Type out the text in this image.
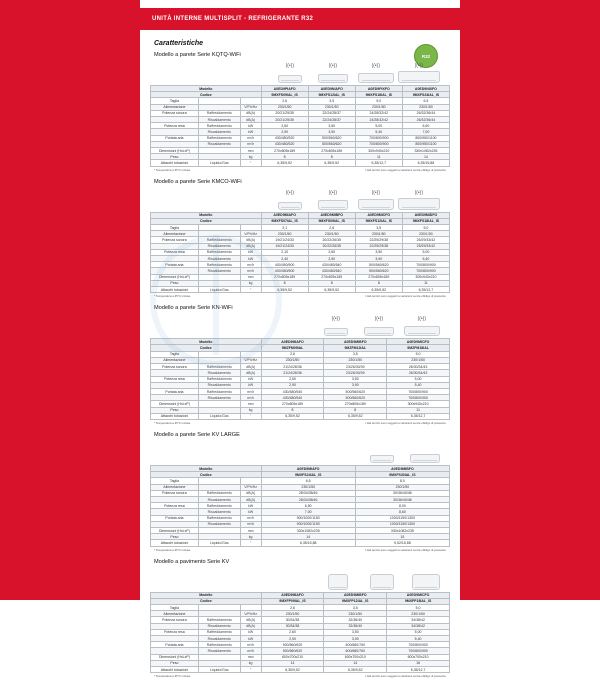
UNITÀ INTERNE MULTISPLIT - REFRIGERANTE R32
Caratteristiche
R32
Modello a parete Serie KQTQ-WiFi
((•))	((•))	((•))	((•))
Modello			A0ED9PIAFO	A0ED9NIAFO	A0ED9PIXFO	A0ED9NIXFO
Codice			9MXFS09IAL_IS	9MXFS12IAL_IS	9MXFS18IAL_IS	9MXFS24IAL_IS
Taglia			2,6	3,5	5,0	6,5
Alimentazione		V/Ph/Hz	230/1/50	230/1/50	230/1/50	230/1/50
Potenza sonora	Raffreddamento	dB(A)	20/21/25/35	22/24/28/37	24/28/32/42	26/32/36/44
	Riscaldamento	dB(A)	20/21/25/35	22/24/28/37	24/28/32/42	26/32/36/44
Potenza resa	Raffreddamento	kW	2,60	3,50	5,00	6,50
	Riscaldamento	kW	2,90	3,90	5,40	7,00
Portata aria	Raffreddamento	m³/h	430/480/520	500/560/620	700/800/900	800/950/1100
	Riscaldamento	m³/h	430/480/520	500/560/620	700/800/900	800/950/1100
Dimensioni (HxLxP)		mm	270x805x189	270x805x189	300x940x210	330x1082x235
Peso		kg	8	8	11	14
Attacchi tubazioni	Liquido/Gas	"	6,35/9,52	6,35/9,52	6,35/12,7	6,35/15,88
* Temperatura a 35°C incluse	I dati tecnici sono soggetti a variazioni senza obbligo di preavviso
Modello a parete Serie KMCO-WiFi
((•))	((•))	((•))	((•))
Modello			A0ED9MIAFO	A0ED9MIBFO	A0ED9MICFO	A0ED9MIDFO
Codice			9MXFS07IAL_IS	9MXFS09IAL_IS	9MXFS12IAL_IS	9MXFS18IAL_IS
Taglia			2,1	2,6	3,5	5,0
Alimentazione		V/Ph/Hz	230/1/50	230/1/50	230/1/50	230/1/50
Potenza sonora	Raffreddamento	dB(A)	19/21/24/33	20/22/26/35	22/25/29/38	25/29/33/42
	Riscaldamento	dB(A)	19/21/24/33	20/22/26/35	22/25/29/38	25/29/33/42
Potenza resa	Raffreddamento	kW	2,10	2,60	3,50	5,00
	Riscaldamento	kW	2,40	2,90	3,90	5,40
Portata aria	Raffreddamento	m³/h	400/450/500	430/480/540	500/560/620	700/800/900
	Riscaldamento	m³/h	400/450/500	430/480/540	500/560/620	700/800/900
Dimensioni (HxLxP)		mm	270x805x189	270x805x189	270x805x189	300x940x210
Peso		kg	8	8	8	11
Attacchi tubazioni	Liquido/Gas	"	6,35/9,52	6,35/9,52	6,35/9,52	6,35/12,7
* Temperatura a 35°C incluse	I dati tecnici sono soggetti a variazioni senza obbligo di preavviso
Modello a parete Serie KN-WiFi
((•))	((•))	((•))
Modello			A0ED9MIAFO	A0ED9MIBFO	A0ED9MICFO
Codice			9MZFM09IAL	9MZFM12IAL	9MZFM18IAL
Taglia			2,6	3,5	5,0
Alimentazione		V/Ph/Hz	230/1/50	230/1/50	230/1/50
Potenza sonora	Raffreddamento	dB(A)	21/24/28/36	23/26/30/39	26/30/34/43
	Riscaldamento	dB(A)	21/24/28/36	23/26/30/39	26/30/34/43
Potenza resa	Raffreddamento	kW	2,60	3,50	5,00
	Riscaldamento	kW	2,90	3,90	5,40
Portata aria	Raffreddamento	m³/h	430/480/540	500/560/620	700/800/900
	Riscaldamento	m³/h	430/480/540	500/560/620	700/800/900
Dimensioni (HxLxP)		mm	270x805x189	270x805x189	300x940x210
Peso		kg	8	8	11
Attacchi tubazioni	Liquido/Gas	"	6,35/9,52	6,35/9,52	6,35/12,7
* Temperatura a 35°C incluse	I dati tecnici sono soggetti a variazioni senza obbligo di preavviso
Modello a parete Serie KV LARGE
Modello			A0ED9MIAFO	A0ED9MIBFO
Codice			9MXFS24IAL_IS	9MXFS30IAL_IS
Taglia			6,5	8,0
Alimentazione		V/Ph/Hz	230/1/50	230/1/50
Potenza sonora	Raffreddamento	dB(A)	28/34/38/46	30/36/40/48
	Riscaldamento	dB(A)	28/34/38/46	30/36/40/48
Potenza resa	Raffreddamento	kW	6,50	8,00
	Riscaldamento	kW	7,00	8,60
Portata aria	Raffreddamento	m³/h	900/1000/1150	1000/1150/1300
	Riscaldamento	m³/h	900/1000/1150	1000/1150/1300
Dimensioni (HxLxP)		mm	330x1082x235	330x1082x235
Peso		kg	14	15
Attacchi tubazioni	Liquido/Gas	"	6,35/15,88	9,52/15,88
* Temperatura a 35°C incluse	I dati tecnici sono soggetti a variazioni senza obbligo di preavviso
Modello a pavimento Serie KV
Modello			A0ED9MIAFO	A0ED9MIBFO	A0ED9MICFO
Codice			9MXFP09IAL_IS	9MXFP12IAL_IS	9MXFP18IAL_IS
Taglia			2,6	3,5	5,0
Alimentazione		V/Ph/Hz	230/1/50	230/1/50	230/1/50
Potenza sonora	Raffreddamento	dB(A)	30/34/38	32/36/40	34/38/42
	Riscaldamento	dB(A)	30/34/38	32/36/40	34/38/42
Potenza resa	Raffreddamento	kW	2,60	3,50	5,00
	Riscaldamento	kW	2,90	3,90	5,40
Portata aria	Raffreddamento	m³/h	500/560/620	600/680/760	700/800/900
	Riscaldamento	m³/h	500/560/620	600/680/760	700/800/900
Dimensioni (HxLxP)		mm	600x700x210	600x700x210	600x700x210
Peso		kg	14	14	16
Attacchi tubazioni	Liquido/Gas	"	6,35/9,52	6,35/9,52	6,35/12,7
* Temperatura a 35°C incluse	I dati tecnici sono soggetti a variazioni senza obbligo di preavviso
